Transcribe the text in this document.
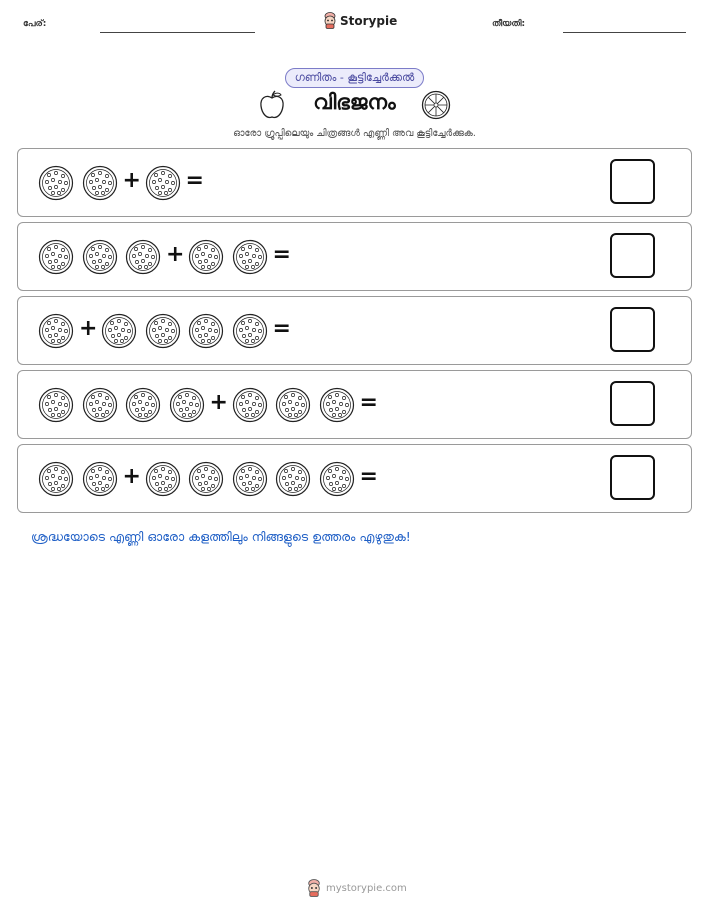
പേര്:	Storypie	തീയതി:
ഗണിതം - കൂട്ടിച്ചേർക്കൽ
വിഭജനം
ഓരോ ഗ്രൂപ്പിലെയും ചിത്രങ്ങൾ എണ്ണി അവ കൂട്ടിച്ചേർക്കുക.
+ =
+	=
+	=
+	=
+	=
ശ്രദ്ധയോടെ എണ്ണി ഓരോ കളത്തിലും നിങ്ങളുടെ ഉത്തരം എഴുതുക!
mystorypie.com
